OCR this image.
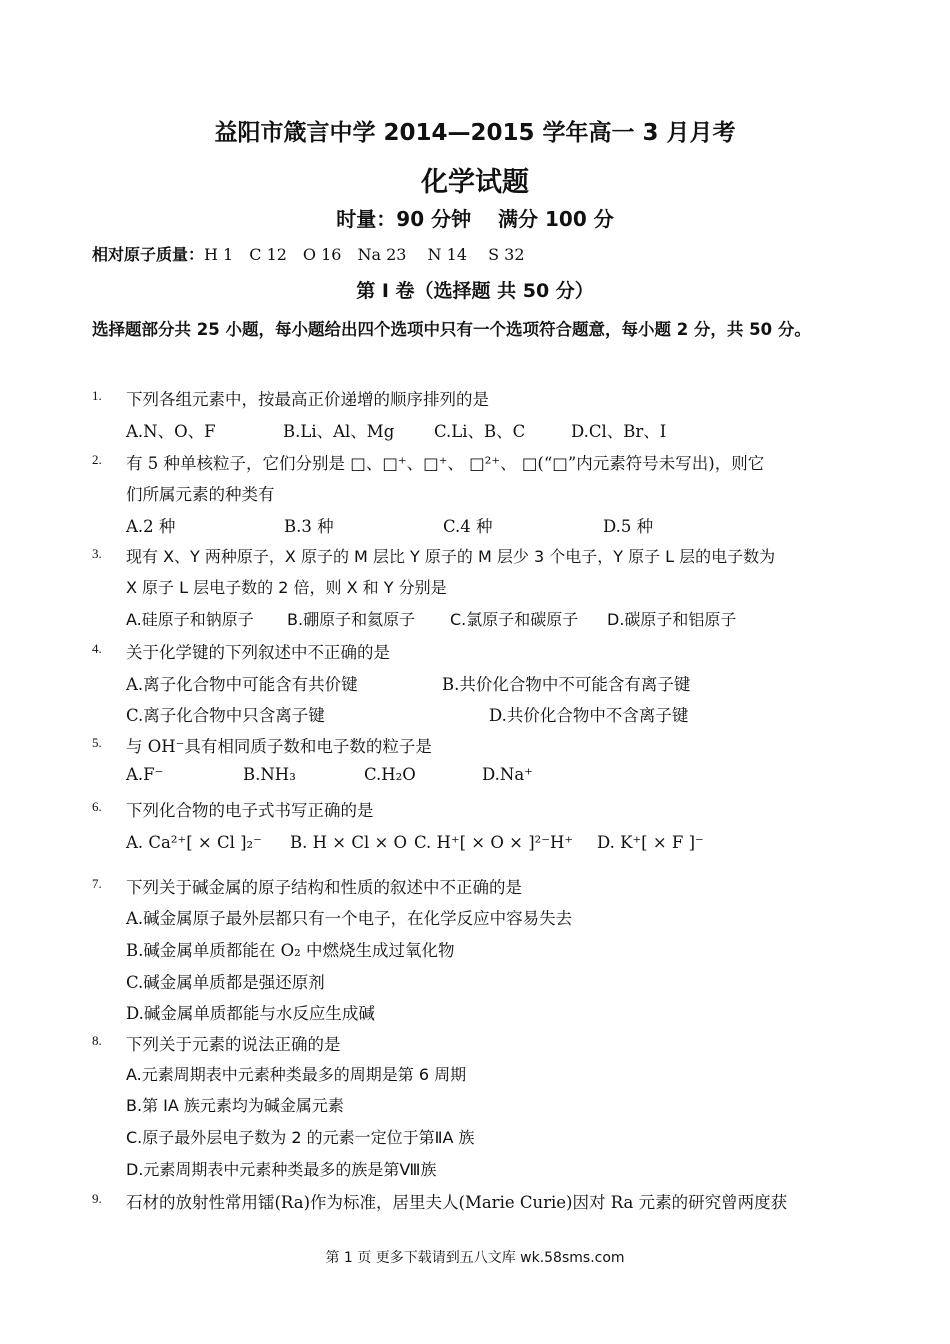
益阳市箴言中学 2014—2015 学年高一 3 月月考
化学试题
时量：90 分钟　 满分 100 分
相对原子质量：H 1　C 12　O 16　Na 23　 N 14　 S 32
第 I 卷（选择题 共 50 分）
选择题部分共 25 小题，每小题给出四个选项中只有一个选项符合题意，每小题 2 分，共 50 分。
1. 下列各组元素中，按最高正价递增的顺序排列的是
A.N、O、F	B.Li、Al、Mg C.Li、B、C	D.Cl、Br、I
2. 有 5 种单核粒子，它们分别是 □、□⁺、□⁺、 □²⁺、 □(“□”内元素符号未写出)，则它
们所属元素的种类有
A.2 种	B.3 种	C.4 种	D.5 种
3. 现有 X、Y 两种原子，X 原子的 M 层比 Y 原子的 M 层少 3 个电子，Y 原子 L 层的电子数为
X 原子 L 层电子数的 2 倍，则 X 和 Y 分别是
A.硅原子和钠原子 B.硼原子和氦原子 C.氯原子和碳原子 D.碳原子和铝原子
4. 关于化学键的下列叙述中不正确的是
A.离子化合物中可能含有共价键	B.共价化合物中不可能含有离子键
C.离子化合物中只含离子键	D.共价化合物中不含离子键
5. 与 OH⁻具有相同质子数和电子数的粒子是
A.F⁻	B.NH₃	C.H₂O	D.Na⁺
6. 下列化合物的电子式书写正确的是
A. Ca²⁺[ × Cl ]₂⁻ B. H × Cl × O C. H⁺[ × O × ]²⁻H⁺ D. K⁺[ × F ]⁻
7. 下列关于碱金属的原子结构和性质的叙述中不正确的是
A.碱金属原子最外层都只有一个电子，在化学反应中容易失去
B.碱金属单质都能在 O₂ 中燃烧生成过氧化物
C.碱金属单质都是强还原剂
D.碱金属单质都能与水反应生成碱
8. 下列关于元素的说法正确的是
A.元素周期表中元素种类最多的周期是第 6 周期
B.第 IA 族元素均为碱金属元素
C.原子最外层电子数为 2 的元素一定位于第ⅡA 族
D.元素周期表中元素种类最多的族是第Ⅷ族
9. 石材的放射性常用镭(Ra)作为标准，居里夫人(Marie Curie)因对 Ra 元素的研究曾两度获
第 1 页 更多下载请到五八文库 wk.58sms.com
